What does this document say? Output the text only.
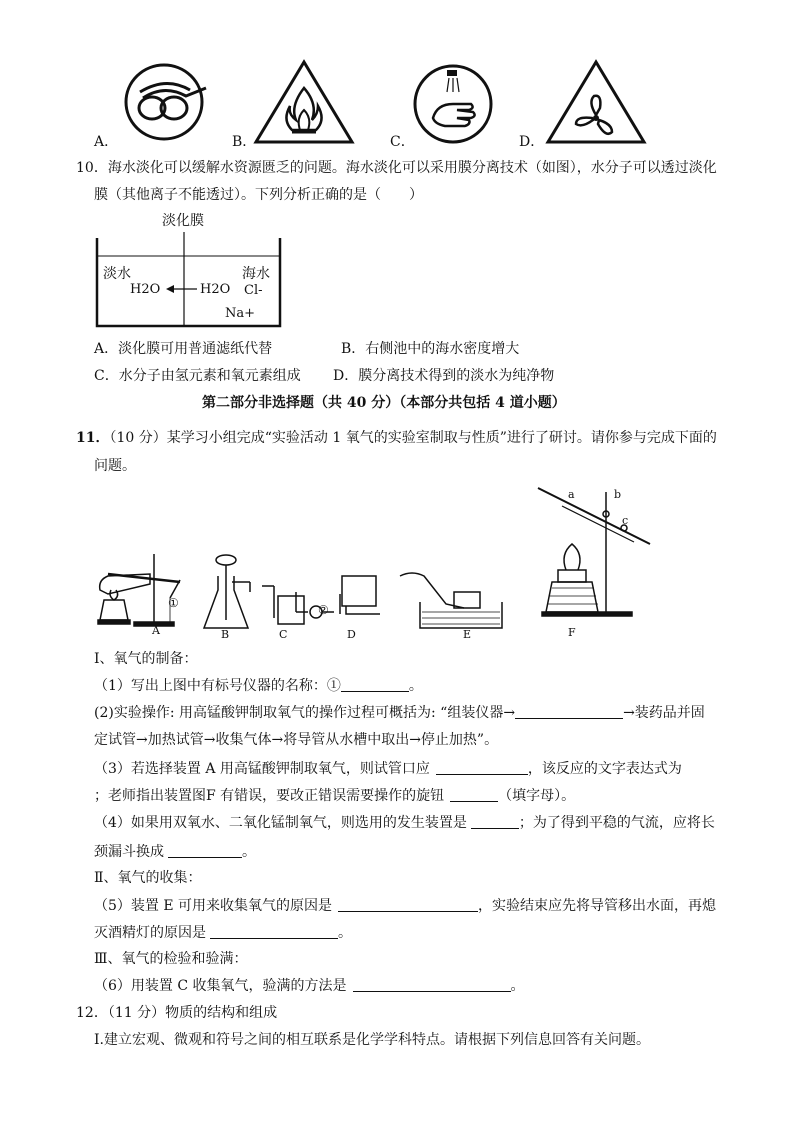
A．	B．	C．	D．
10．海水淡化可以缓解水资源匮乏的问题。海水淡化可以采用膜分离技术（如图），水分子可以透过淡化
膜（其他离子不能透过）。下列分析正确的是（　　）
淡化膜
淡水
H2O
海水
H2O Cl-
Na+
A．淡化膜可用普通滤纸代替	B．右侧池中的海水密度增大
C．水分子由氢元素和氧元素组成 D．膜分离技术得到的淡水为纯净物
第二部分非选择题（共 40 分）（本部分共包括 4 道小题）
11．（10 分）某学习小组完成“实验活动 1 氧气的实验室制取与性质”进行了研讨。请你参与完成下面的
问题。
①	②
a	b
c
A	B	C	D	E	F
Ⅰ、氧气的制备：
（1）写出上图中有标号仪器的名称：①	。
(2)实验操作: 用高锰酸钾制取氧气的操作过程可概括为: “组装仪器→	→装药品并固
定试管→加热试管→收集气体→将导管从水槽中取出→停止加热”。
（3）若选择装置 A 用高锰酸钾制取氧气，则试管口应	，该反应的文字表达式为
；老师指出装置图F 有错误，要改正错误需要操作的旋钮	（填字母）。
（4）如果用双氧水、二氧化锰制氧气，则选用的发生装置是	；为了得到平稳的气流，应将长
颈漏斗换成	。
Ⅱ、氧气的收集：
（5）装置 E 可用来收集氧气的原因是	，实验结束应先将导管移出水面，再熄
灭酒精灯的原因是	。
Ⅲ、氧气的检验和验满：
（6）用装置 C 收集氧气，验满的方法是	。
12．（11 分）物质的结构和组成
Ⅰ.建立宏观、微观和符号之间的相互联系是化学学科特点。请根据下列信息回答有关问题。
